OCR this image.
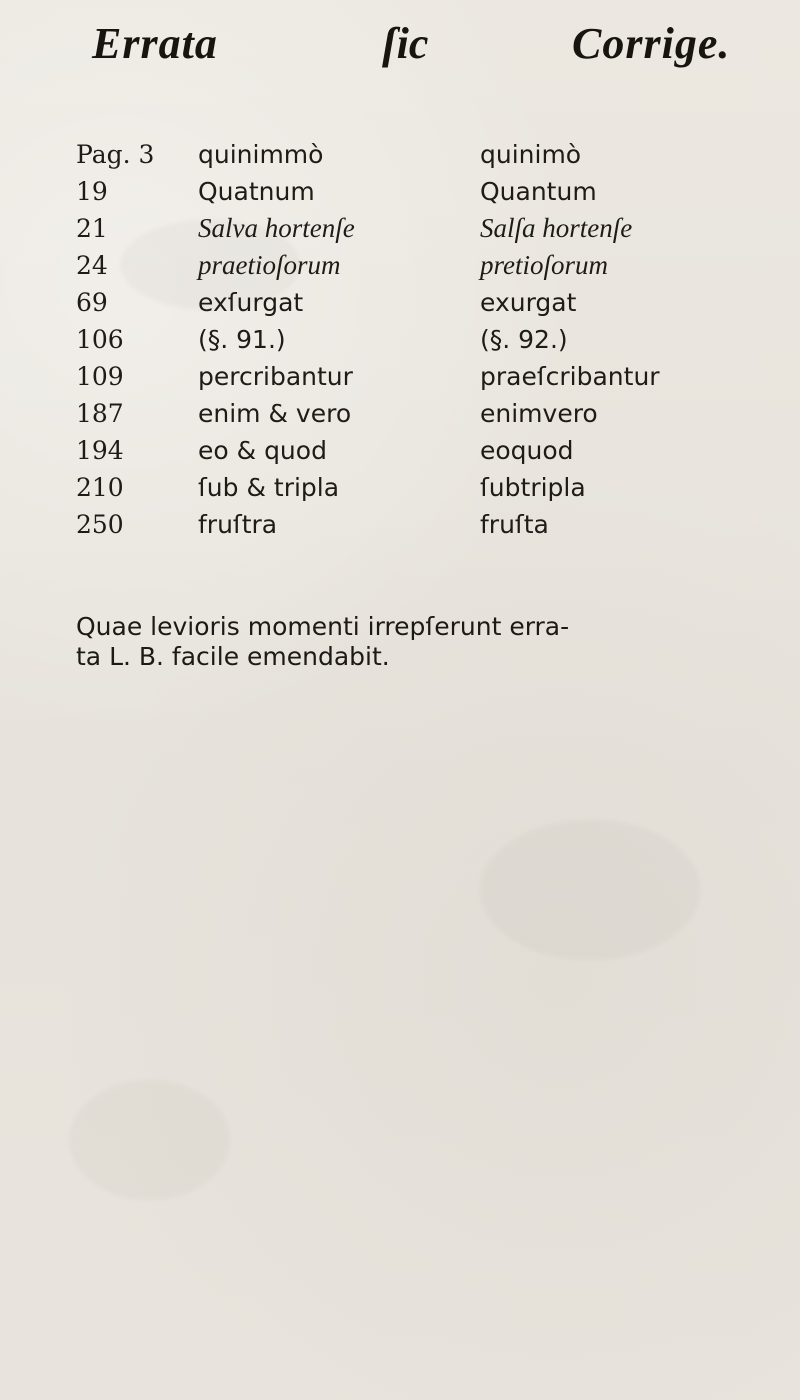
Errata	ſic	Corrige.
Pag. 3	quinimmò	quinimò
19	Quatnum	Quantum
21	Salva hortenſe	Salſa hortenſe
24	praetioſorum	pretioſorum
69	exſurgat	exurgat
106	(§. 91.)	(§. 92.)
109	percribantur	praeſcribantur
187	enim & vero	enimvero
194	eo & quod	eoquod
210	ſub & tripla	ſubtripla
250	fruſtra	fruſta
Quae levioris momenti irrepſerunt erra-
ta L. B. facile emendabit.
